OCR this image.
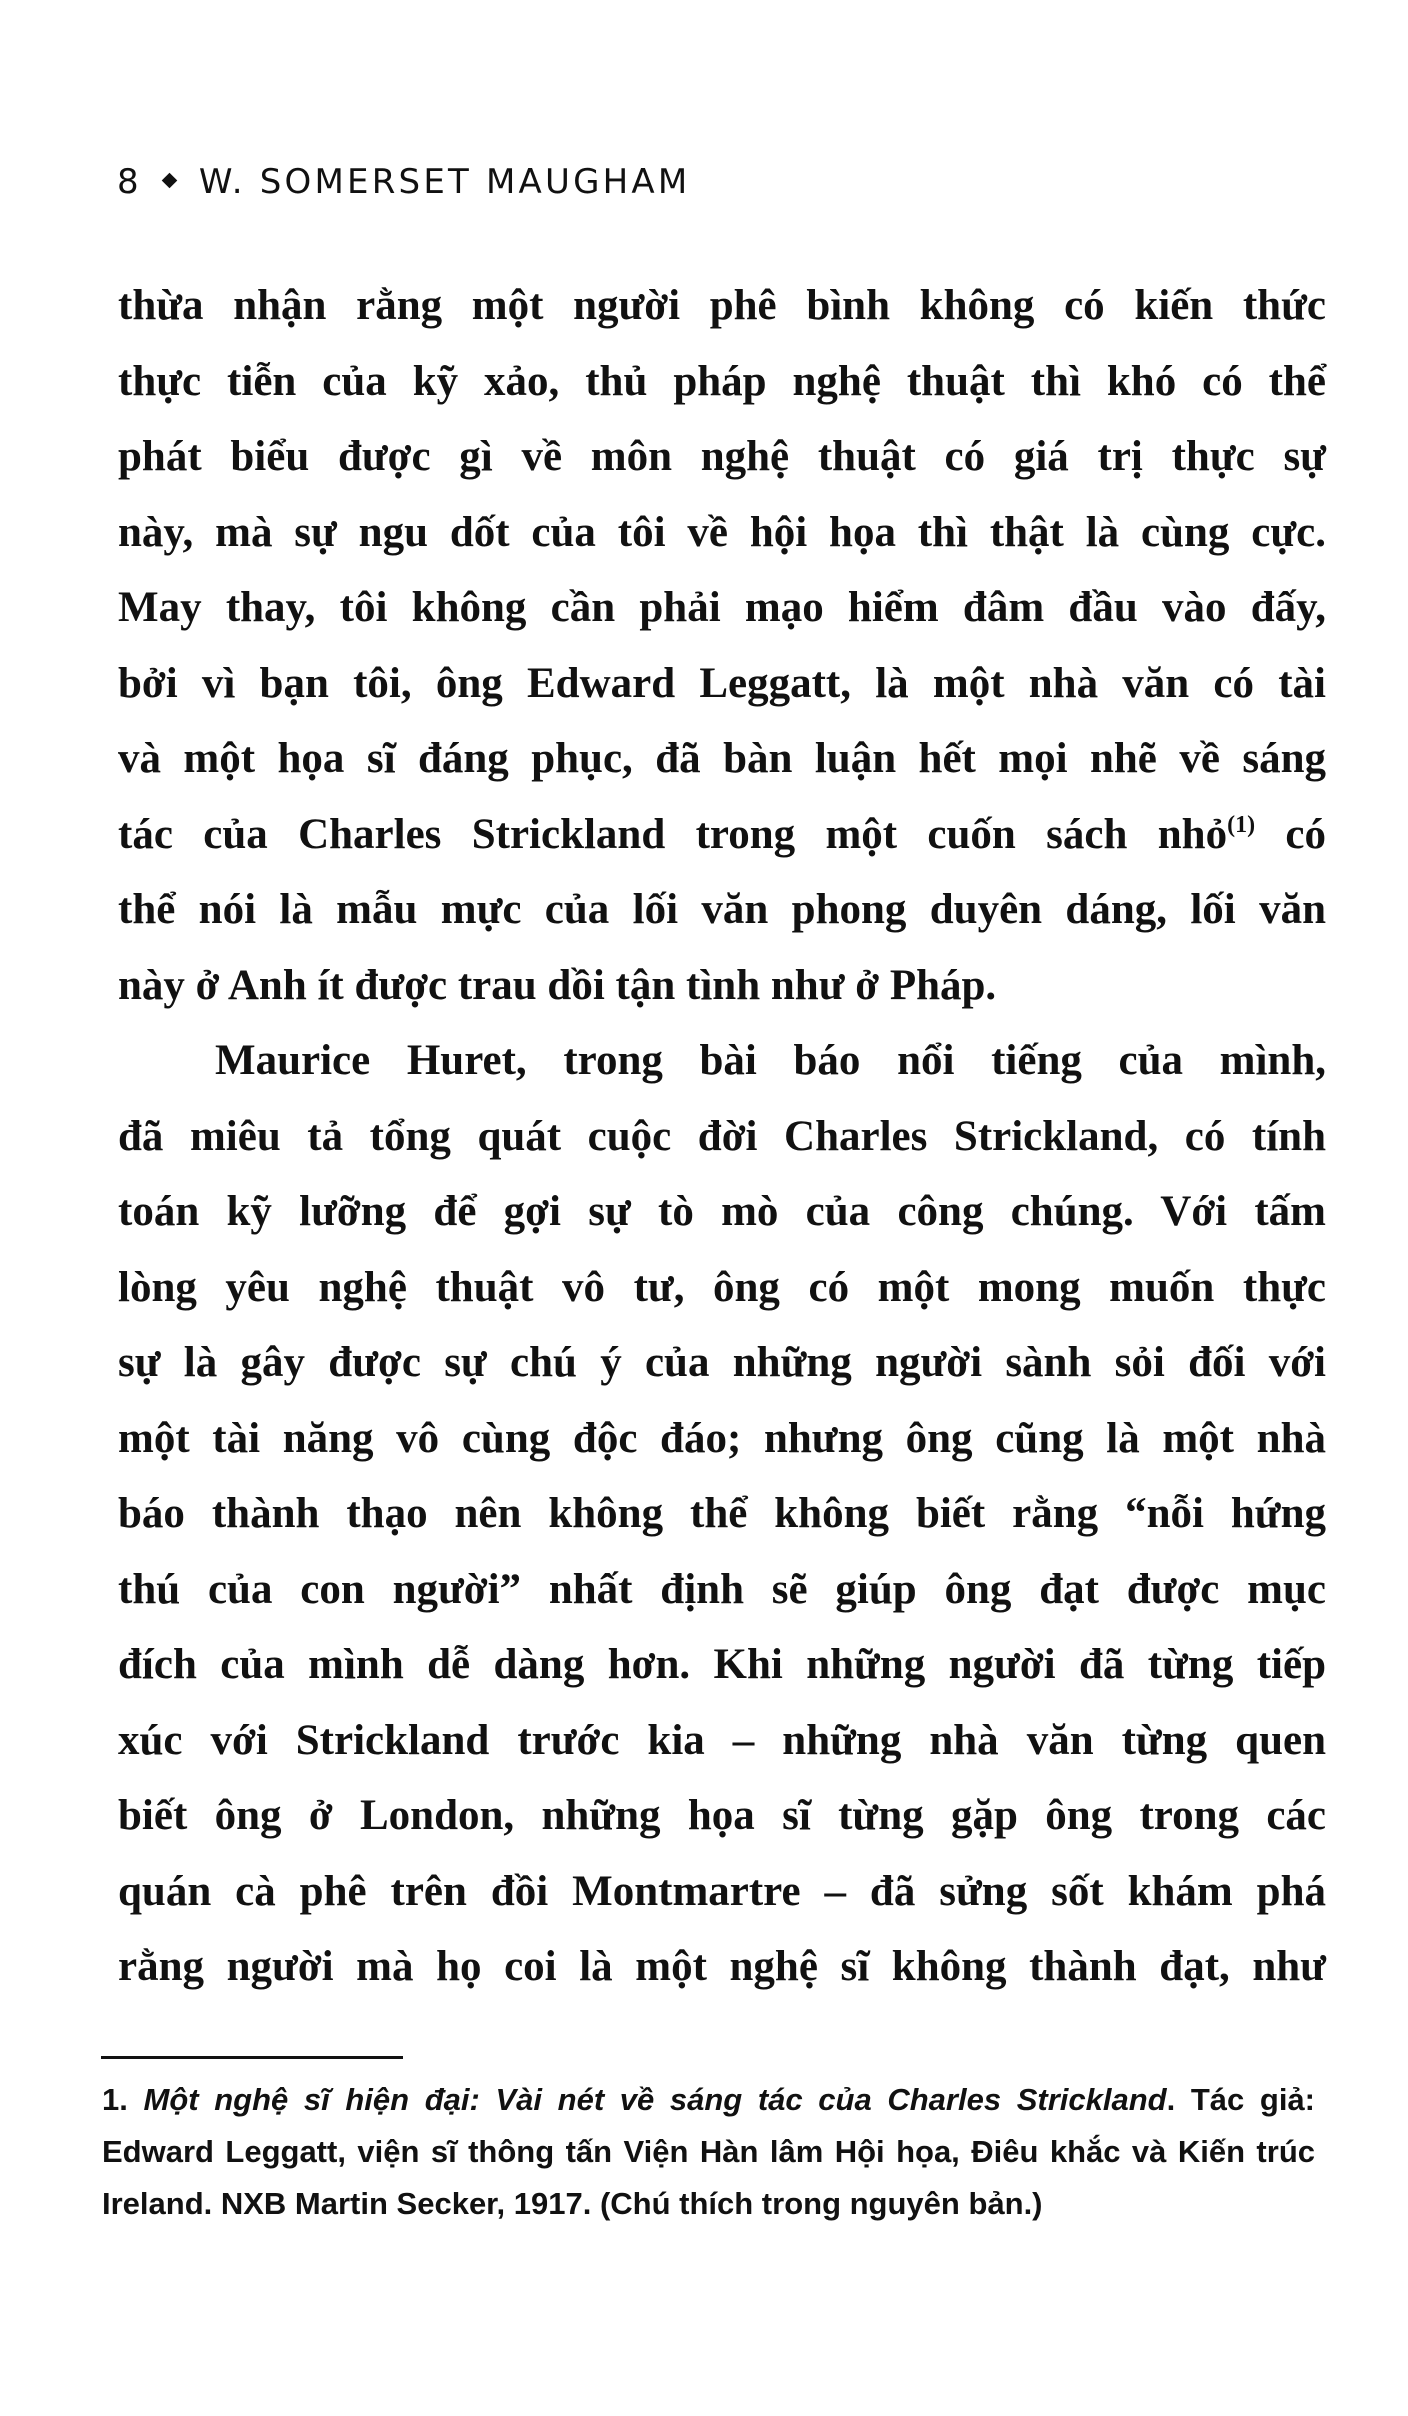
8 W. SOMERSET MAUGHAM
thừa nhận rằng một người phê bình không có kiến thức
thực tiễn của kỹ xảo, thủ pháp nghệ thuật thì khó có thể
phát biểu được gì về môn nghệ thuật có giá trị thực sự
này, mà sự ngu dốt của tôi về hội họa thì thật là cùng cực.
May thay, tôi không cần phải mạo hiểm đâm đầu vào đấy,
bởi vì bạn tôi, ông Edward Leggatt, là một nhà văn có tài
và một họa sĩ đáng phục, đã bàn luận hết mọi nhẽ về sáng
tác của Charles Strickland trong một cuốn sách nhỏ$^{(1)}$ có
thể nói là mẫu mực của lối văn phong duyên dáng, lối văn
này ở Anh ít được trau dồi tận tình như ở Pháp.
Maurice Huret, trong bài báo nổi tiếng của mình,
đã miêu tả tổng quát cuộc đời Charles Strickland, có tính
toán kỹ lưỡng để gợi sự tò mò của công chúng. Với tấm
lòng yêu nghệ thuật vô tư, ông có một mong muốn thực
sự là gây được sự chú ý của những người sành sỏi đối với
một tài năng vô cùng độc đáo; nhưng ông cũng là một nhà
báo thành thạo nên không thể không biết rằng “nỗi hứng
thú của con người” nhất định sẽ giúp ông đạt được mục
đích của mình dễ dàng hơn. Khi những người đã từng tiếp
xúc với Strickland trước kia – những nhà văn từng quen
biết ông ở London, những họa sĩ từng gặp ông trong các
quán cà phê trên đồi Montmartre – đã sửng sốt khám phá
rằng người mà họ coi là một nghệ sĩ không thành đạt, như
1. Một nghệ sĩ hiện đại: Vài nét về sáng tác của Charles Strickland. Tác giả:
Edward Leggatt, viện sĩ thông tấn Viện Hàn lâm Hội họa, Điêu khắc và Kiến trúc
Ireland. NXB Martin Secker, 1917. (Chú thích trong nguyên bản.)
